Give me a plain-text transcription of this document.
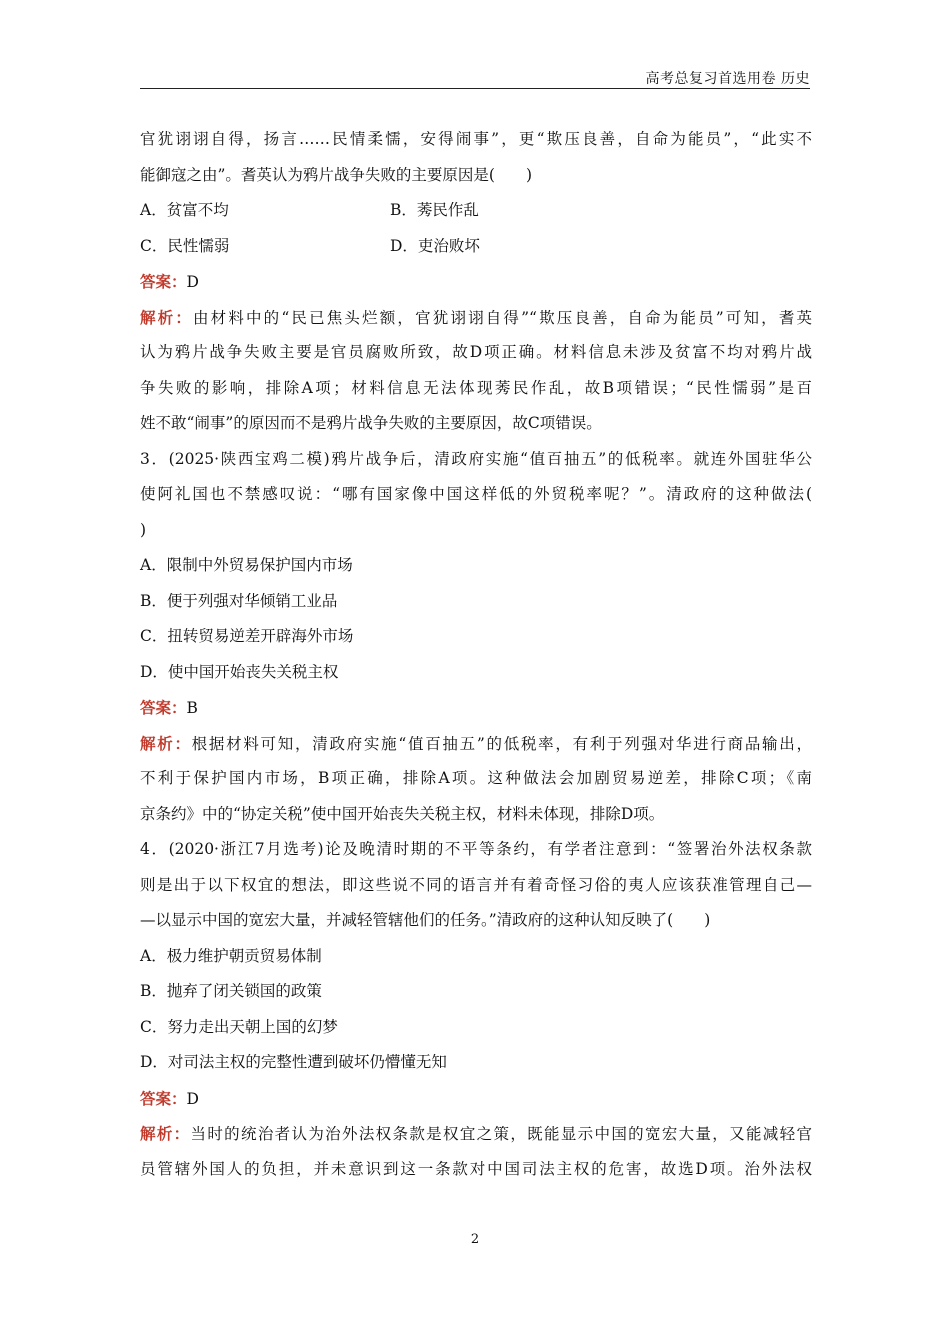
高考总复习首选用卷 历史
官犹诩诩自得，扬言……民情柔懦，安得闹事”，更“欺压良善，自命为能员”，“此实不
能御寇之由”。耆英认为鸦片战争失败的主要原因是(　　)
A．贫富不均	B．莠民作乱
C．民性懦弱	D．吏治败坏
答案：D
解析：由材料中的“民已焦头烂额，官犹诩诩自得”“欺压良善，自命为能员”可知，耆英
认为鸦片战争失败主要是官员腐败所致，故D项正确。材料信息未涉及贫富不均对鸦片战
争失败的影响，排除A项；材料信息无法体现莠民作乱，故B项错误；“民性懦弱”是百
姓不敢“闹事”的原因而不是鸦片战争失败的主要原因，故C项错误。
3．(2025·陕西宝鸡二模)鸦片战争后，清政府实施“值百抽五”的低税率。就连外国驻华公
使阿礼国也不禁感叹说：“哪有国家像中国这样低的外贸税率呢？”。清政府的这种做法(
)
A．限制中外贸易保护国内市场
B．便于列强对华倾销工业品
C．扭转贸易逆差开辟海外市场
D．使中国开始丧失关税主权
答案：B
解析：根据材料可知，清政府实施“值百抽五”的低税率，有利于列强对华进行商品输出，
不利于保护国内市场，B项正确，排除A项。这种做法会加剧贸易逆差，排除C项；《南
京条约》中的“协定关税”使中国开始丧失关税主权，材料未体现，排除D项。
4．(2020·浙江7月选考)论及晚清时期的不平等条约，有学者注意到：“签署治外法权条款
则是出于以下权宜的想法，即这些说不同的语言并有着奇怪习俗的夷人应该获准管理自己—
—以显示中国的宽宏大量，并减轻管辖他们的任务。”清政府的这种认知反映了(　　)
A．极力维护朝贡贸易体制
B．抛弃了闭关锁国的政策
C．努力走出天朝上国的幻梦
D．对司法主权的完整性遭到破坏仍懵懂无知
答案：D
解析：当时的统治者认为治外法权条款是权宜之策，既能显示中国的宽宏大量，又能减轻官
员管辖外国人的负担，并未意识到这一条款对中国司法主权的危害，故选D项。治外法权
2
